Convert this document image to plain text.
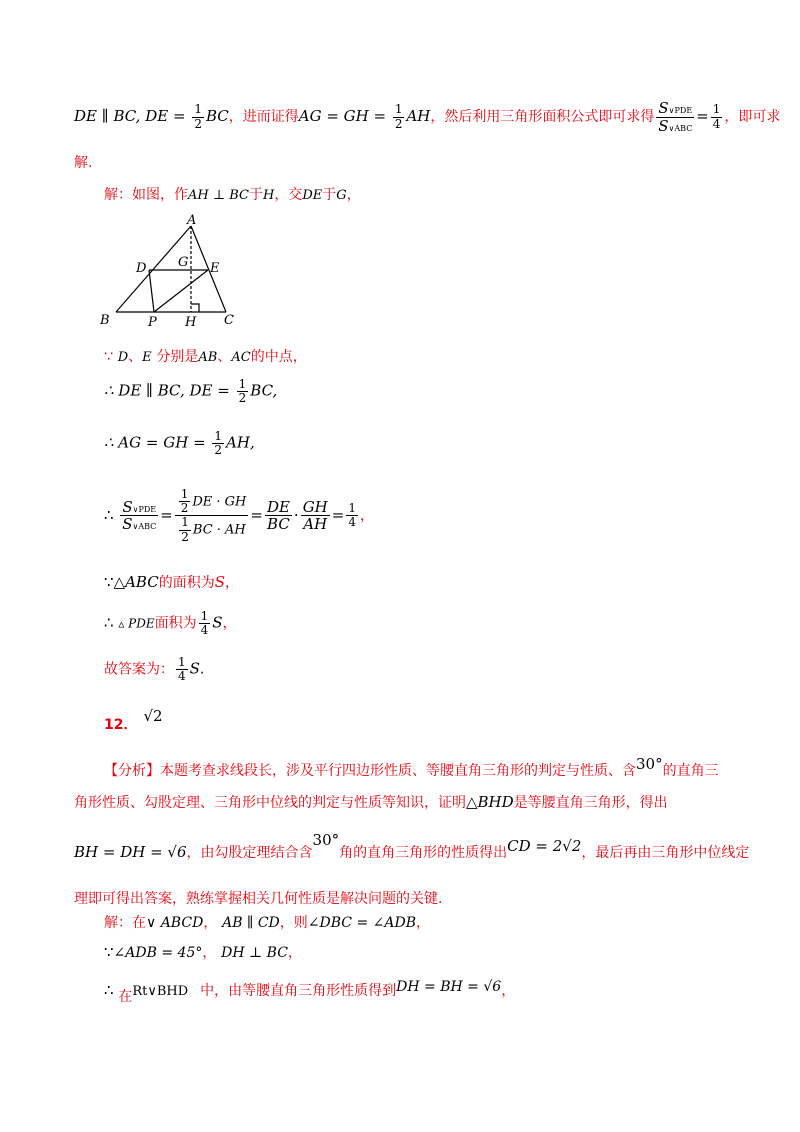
DE ∥ BC, DE = $\frac{1}{2}$ BC，进而证得AG = GH = $\frac{1}{2}$ AH，然后利用三角形面积公式即可求得 $\frac{\text{S∨PDE}}{\text{S∨ABC}} = \frac{1}{4}$ ，即可求
解.
解：如图，作AH ⊥ BC于H，交DE于G，
A
B	C
D	E
G
P H
∵ D、E 分别是AB、AC的中点，
∴ DE ∥ BC, DE = $\frac{1}{2}$ BC,
∴ AG = GH = $\frac{1}{2}$ AH,
∴ $\frac{\text{S∨PDE}}{\text{S∨ABC}} = \frac{\frac{1}{2} DE \cdot GH}{\frac{1}{2} BC \cdot AH} = \frac{DE}{BC} \cdot \frac{GH}{AH} = \frac{1}{4}$ ，
∵△ABC的面积为S，
∴ ▵ PDE面积为 $\frac{1}{4}$ S，
故答案为： $\frac{1}{4} S$.
12． √2
【分析】本题考查求线段长，涉及平行四边形性质、等腰直角三角形的判定与性质、含30°的直角三
角形性质、勾股定理、三角形中位线的判定与性质等知识，证明△BHD是等腰直角三角形，得出
BH = DH = √6，由勾股定理结合含30°角的直角三角形的性质得出CD = 2√2，最后再由三角形中位线定
理即可得出答案，熟练掌握相关几何性质是解决问题的关键.
解：在∨ ABCD， AB ∥ CD，则∠DBC = ∠ADB，
∵∠ADB = 45°， DH ⊥ BC，
∴ 在Rt∨BHD 中，由等腰直角三角形性质得到DH = BH = √6，
